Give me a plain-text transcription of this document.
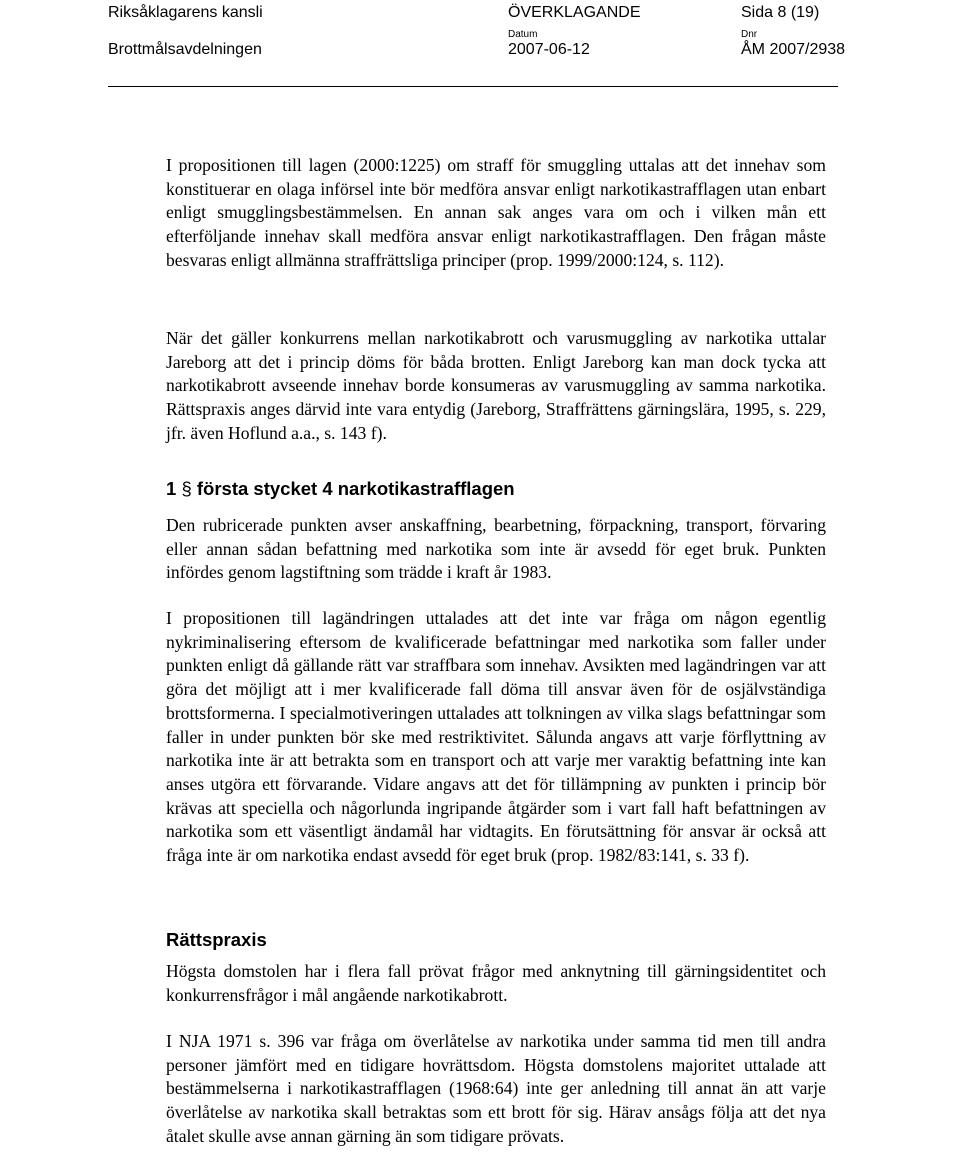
Riksåklagarens kansli
Brottmålsavdelningen
ÖVERKLAGANDE
Datum
2007-06-12
Dnr
ÅM 2007/2938
Sida 8 (19)

I propositionen till lagen (2000:1225) om straff för smuggling uttalas att det innehav som konstituerar en olaga införsel inte bör medföra ansvar enligt narkotikastrafflagen utan enbart enligt smugglingsbestämmelsen. En annan sak anges vara om och i vilken mån ett efterföljande innehav skall medföra ansvar enligt narkotikastrafflagen. Den frågan måste besvaras enligt allmänna straffrättsliga principer (prop. 1999/2000:124, s. 112).

När det gäller konkurrens mellan narkotikabrott och varusmuggling av narkotika uttalar Jareborg att det i princip döms för båda brotten. Enligt Jareborg kan man dock tycka att narkotikabrott avseende innehav borde konsumeras av varusmuggling av samma narkotika. Rättspraxis anges därvid inte vara entydig (Jareborg, Straffrättens gärningslära, 1995, s. 229, jfr. även Hoflund a.a., s. 143 f).

1 § första stycket 4 narkotikastrafflagen

Den rubricerade punkten avser anskaffning, bearbetning, förpackning, transport, förvaring eller annan sådan befattning med narkotika som inte är avsedd för eget bruk. Punkten infördes genom lagstiftning som trädde i kraft år 1983.

I propositionen till lagändringen uttalades att det inte var fråga om någon egentlig nykriminalisering eftersom de kvalificerade befattningar med narkotika som faller under punkten enligt då gällande rätt var straffbara som innehav. Avsikten med lagändringen var att göra det möjligt att i mer kvalificerade fall döma till ansvar även för de osjälvständiga brottsformerna. I specialmotiveringen uttalades att tolkningen av vilka slags befattningar som faller in under punkten bör ske med restriktivitet. Sålunda angavs att varje förflyttning av narkotika inte är att betrakta som en transport och att varje mer varaktig befattning inte kan anses utgöra ett förvarande. Vidare angavs att det för tillämpning av punkten i princip bör krävas att speciella och någorlunda ingripande åtgärder som i vart fall haft befattningen av narkotika som ett väsentligt ändamål har vidtagits. En förutsättning för ansvar är också att fråga inte är om narkotika endast avsedd för eget bruk (prop. 1982/83:141, s. 33 f).

Rättspraxis

Högsta domstolen har i flera fall prövat frågor med anknytning till gärningsidentitet och konkurrensfrågor i mål angående narkotikabrott.

I NJA 1971 s. 396 var fråga om överlåtelse av narkotika under samma tid men till andra personer jämfört med en tidigare hovrättsdom. Högsta domstolens majoritet uttalade att bestämmelserna i narkotikastrafflagen (1968:64) inte ger anledning till annat än att varje överlåtelse av narkotika skall betraktas som ett brott för sig. Härav ansågs följa att det nya åtalet skulle avse annan gärning än som tidigare prövats.
